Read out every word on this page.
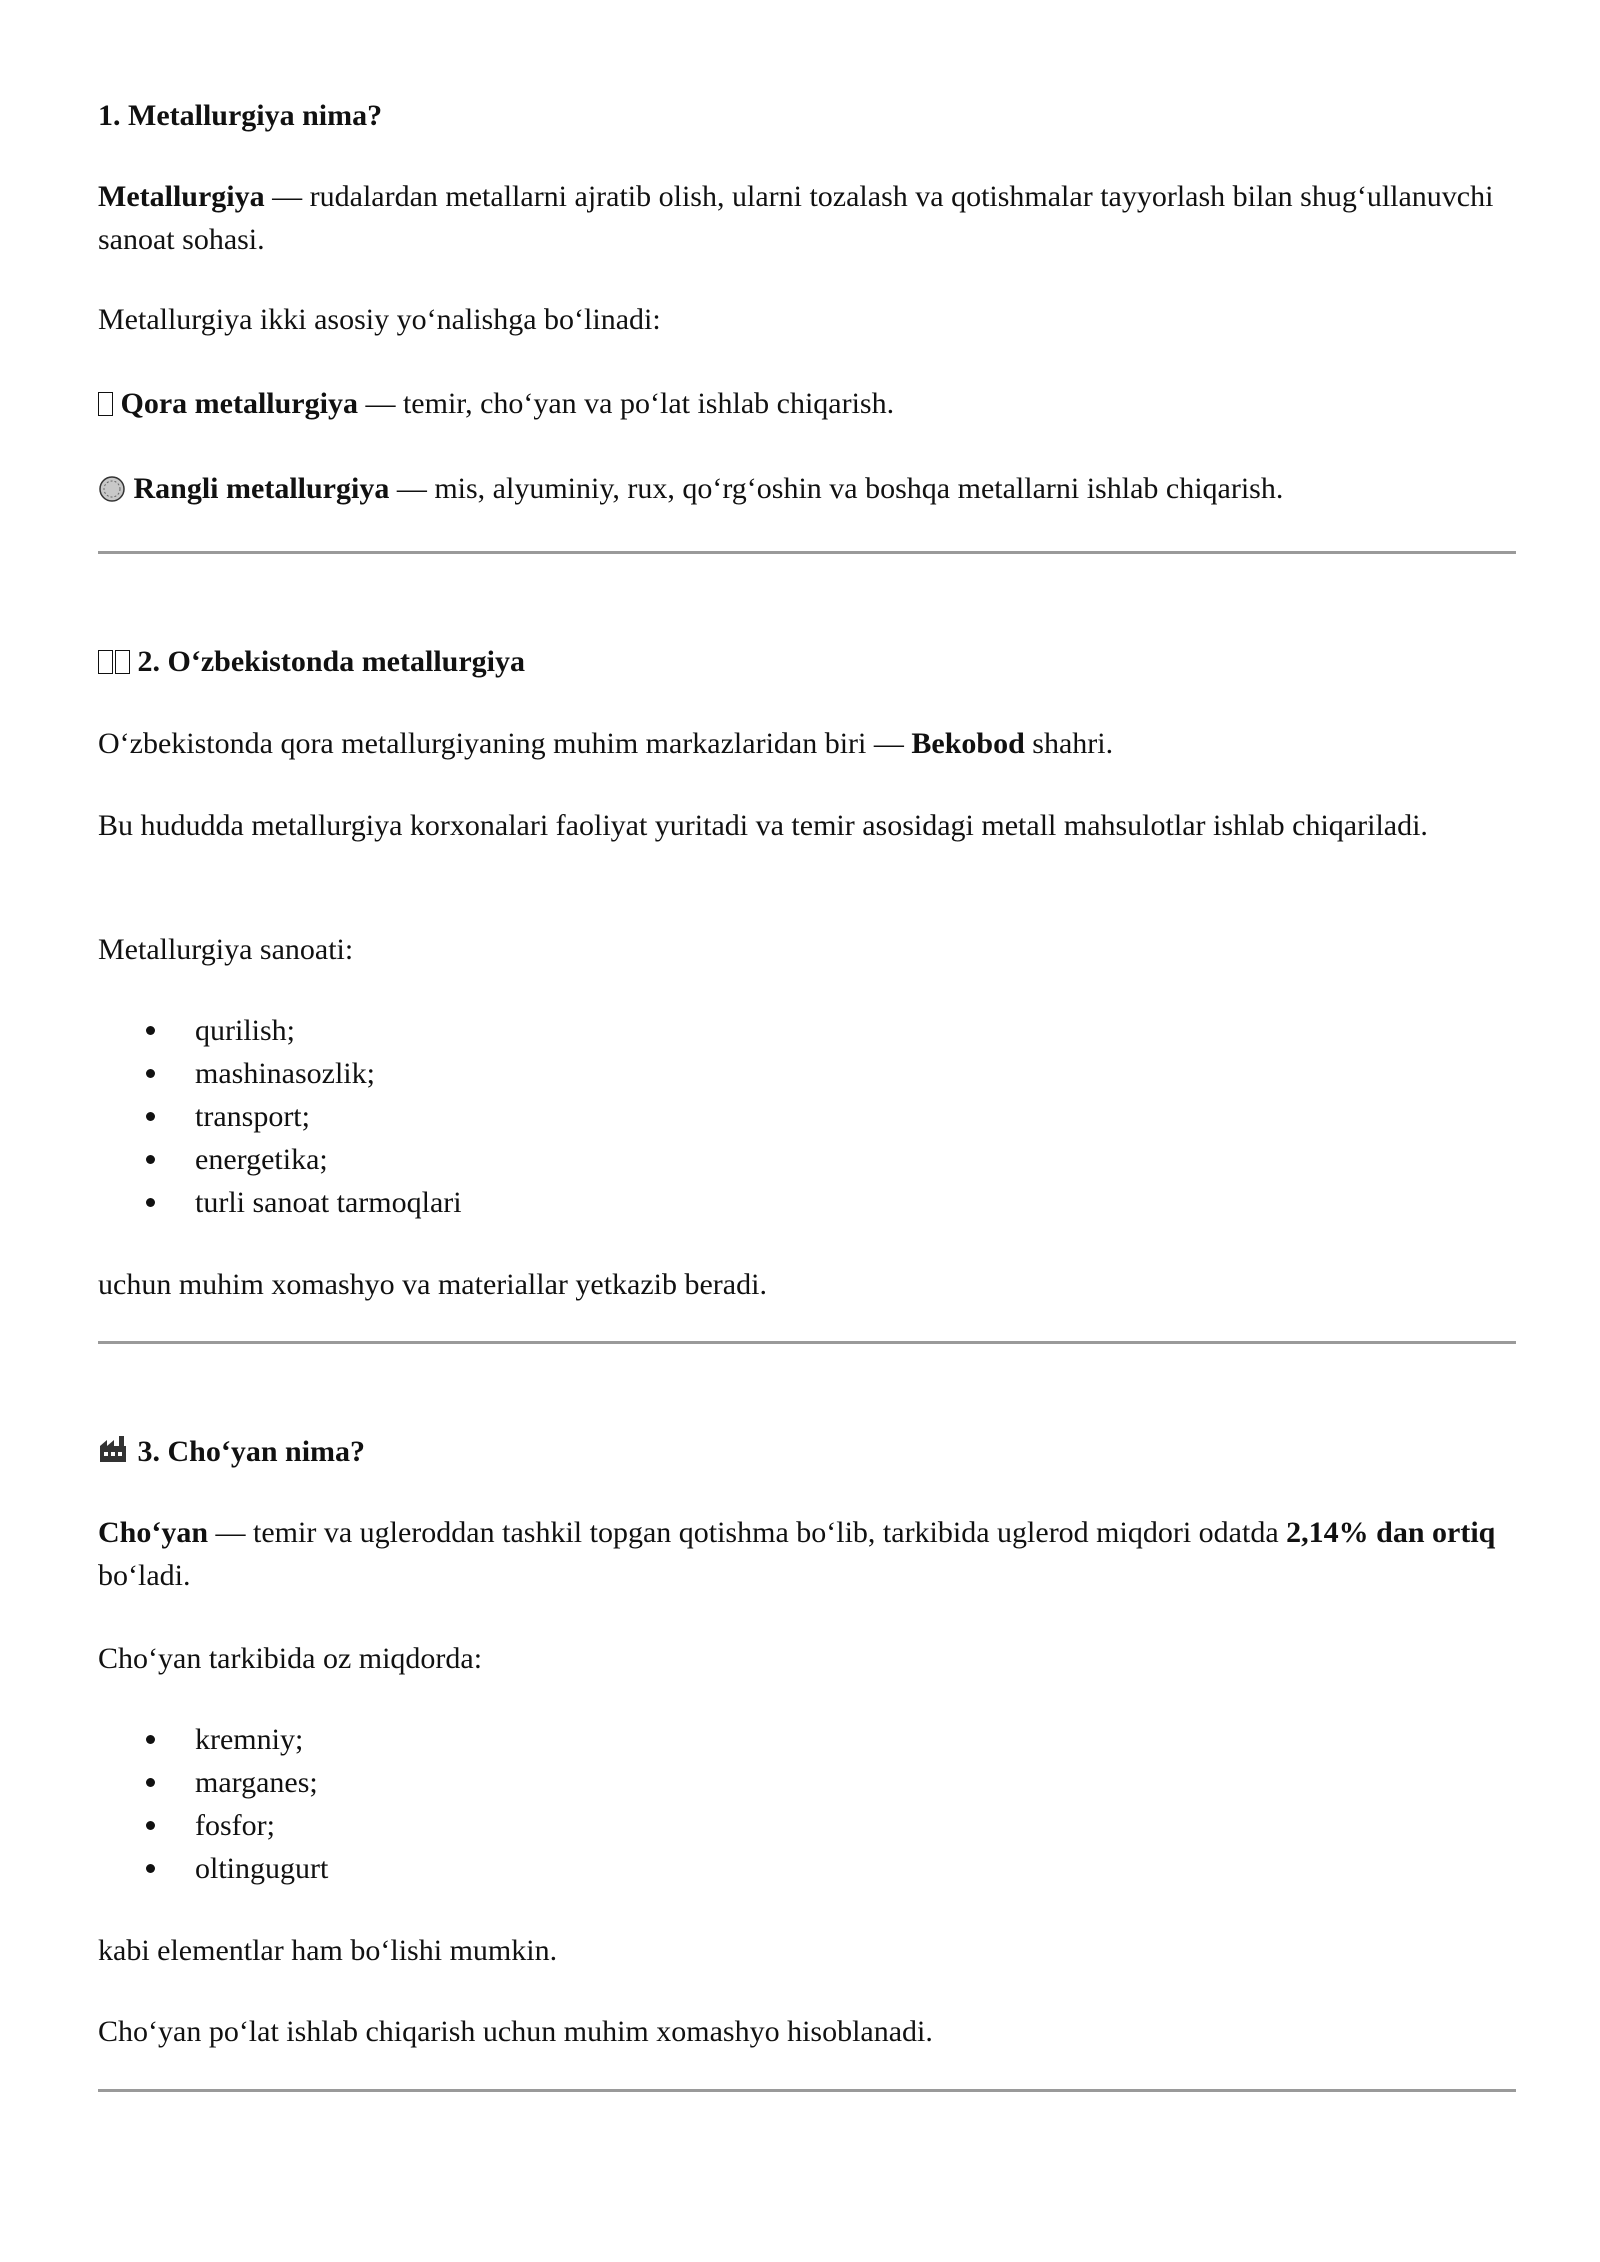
1. Metallurgiya nima?

Metallurgiya — rudalardan metallarni ajratib olish, ularni tozalash va qotishmalar tayyorlash bilan shug‘ullanuvchi sanoat sohasi.

Metallurgiya ikki asosiy yo‘nalishga bo‘linadi:

Qora metallurgiya — temir, cho‘yan va po‘lat ishlab chiqarish.

Rangli metallurgiya — mis, alyuminiy, rux, qo‘rg‘oshin va boshqa metallarni ishlab chiqarish.

2. O‘zbekistonda metallurgiya

O‘zbekistonda qora metallurgiyaning muhim markazlaridan biri — Bekobod shahri.

Bu hududda metallurgiya korxonalari faoliyat yuritadi va temir asosidagi metall mahsulotlar ishlab chiqariladi.

Metallurgiya sanoati:

qurilish;
mashinasozlik;
transport;
energetika;
turli sanoat tarmoqlari

uchun muhim xomashyo va materiallar yetkazib beradi.

3. Cho‘yan nima?

Cho‘yan — temir va ugleroddan tashkil topgan qotishma bo‘lib, tarkibida uglerod miqdori odatda 2,14% dan ortiq bo‘ladi.

Cho‘yan tarkibida oz miqdorda:

kremniy;
marganes;
fosfor;
oltingugurt

kabi elementlar ham bo‘lishi mumkin.

Cho‘yan po‘lat ishlab chiqarish uchun muhim xomashyo hisoblanadi.
